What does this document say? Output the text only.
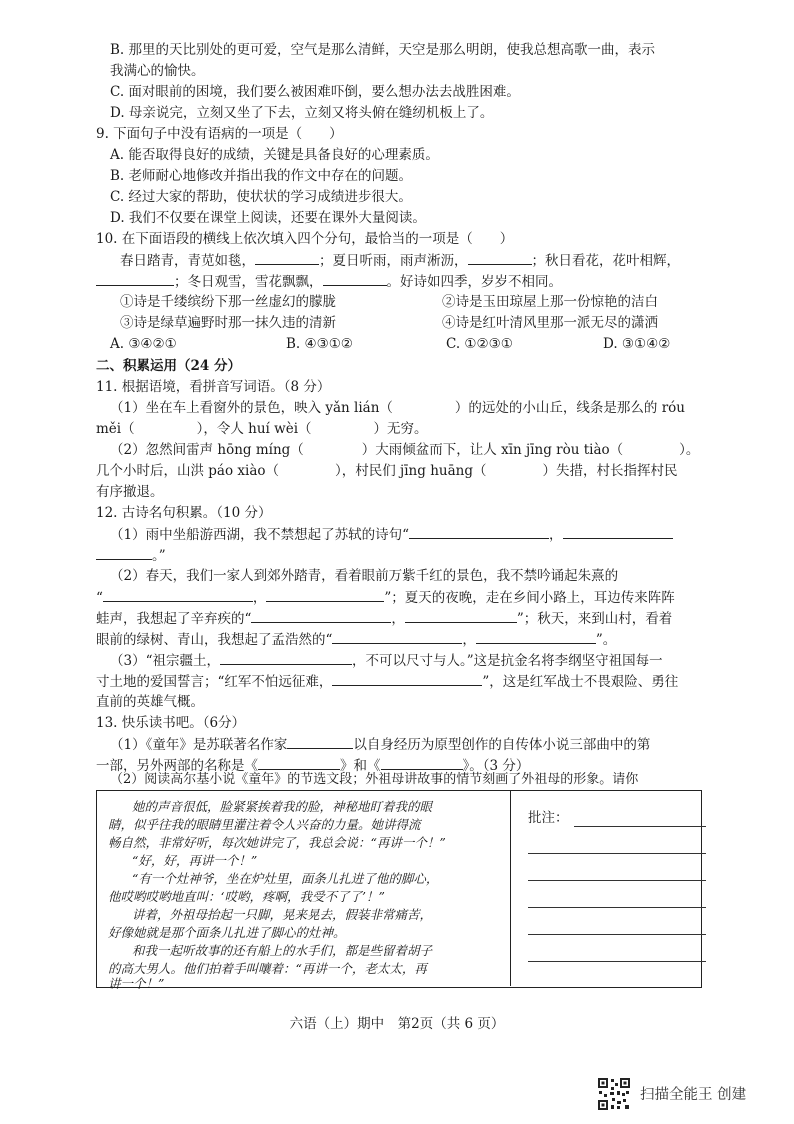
B. 那里的天比别处的更可爱，空气是那么清鲜，天空是那么明朗，使我总想高歌一曲，表示
我满心的愉快。
C. 面对眼前的困境，我们要么被困难吓倒，要么想办法去战胜困难。
D. 母亲说完，立刻又坐了下去，立刻又将头俯在缝纫机板上了。
9. 下面句子中没有语病的一项是（　　）
A. 能否取得良好的成绩，关键是具备良好的心理素质。
B. 老师耐心地修改并指出我的作文中存在的问题。
C. 经过大家的帮助，使状状的学习成绩进步很大。
D. 我们不仅要在课堂上阅读，还要在课外大量阅读。
10. 在下面语段的横线上依次填入四个分句，最恰当的一项是（　　）
春日踏青，青苋如毯，	；夏日听雨，雨声淅沥，	；秋日看花，花叶相辉，
；冬日观雪，雪花飘飘，	。好诗如四季，岁岁不相同。
①诗是千缕缤纷下那一丝虚幻的朦胧	②诗是玉田琼屋上那一份惊艳的洁白
③诗是绿草遍野时那一抹久违的清新	④诗是红叶清风里那一派无尽的潇洒
A. ③④②①	B. ④③①②	C. ①②③①	D. ③①④②
二、积累运用（24 分）
11. 根据语境，看拼音写词语。（8 分）
（1）坐在车上看窗外的景色，映入 yǎn lián（	）的远处的小山丘，线条是那么的 róu
měi（	），令人 huí wèi（	）无穷。
（2）忽然间雷声 hōng míng（	）大雨倾盆而下，让人 xīn jīng ròu tiào（	）。
几个小时后，山洪 páo xiào（	），村民们 jīng huāng（	）失措，村长指挥村民
有序撤退。
12. 古诗名句积累。（10 分）
（1）雨中坐船游西湖，我不禁想起了苏轼的诗句“	，
。”
（2）春天，我们一家人到郊外踏青，看着眼前万紫千红的景色，我不禁吟诵起朱熹的
“	，	”；夏天的夜晚，走在乡间小路上，耳边传来阵阵
蛙声，我想起了辛弃疾的“	，	”；秋天，来到山村，看着
眼前的绿树、青山，我想起了孟浩然的“	，	”。
（3）“祖宗疆土，	，不可以尺寸与人。”这是抗金名将李纲坚守祖国每一
寸土地的爱国誓言；“红军不怕远征难，	”，这是红军战士不畏艰险、勇往
直前的英雄气概。
13. 快乐读书吧。（6分）
（1）《童年》是苏联著名作家	以自身经历为原型创作的自传体小说三部曲中的第
一部，另外两部的名称是《	》和《	》。（3 分）
（2）阅读高尔基小说《童年》的节选文段；外祖母讲故事的情节刻画了外祖母的形象。请你
她的声音很低，脸紧紧挨着我的脸，神秘地盯着我的眼
睛，似乎往我的眼睛里灌注着令人兴奋的力量。她讲得流
畅自然，非常好听，每次她讲完了，我总会说：“再讲一个！”
“好，好，再讲一个！”
“有一个灶神爷，坐在炉灶里，面条儿扎进了他的脚心，
他哎哟哎哟地直叫：‘哎哟，疼啊，我受不了了’！”
讲着，外祖母抬起一只脚，晃来晃去，假装非常痛苦，
好像她就是那个面条儿扎进了脚心的灶神。
和我一起听故事的还有船上的水手们，都是些留着胡子
的高大男人。他们拍着手叫嚷着：“再讲一个，老太太，再
批注：
六语（上）期中　第2页（共 6 页）
扫描全能王 创建
讲一个！”
